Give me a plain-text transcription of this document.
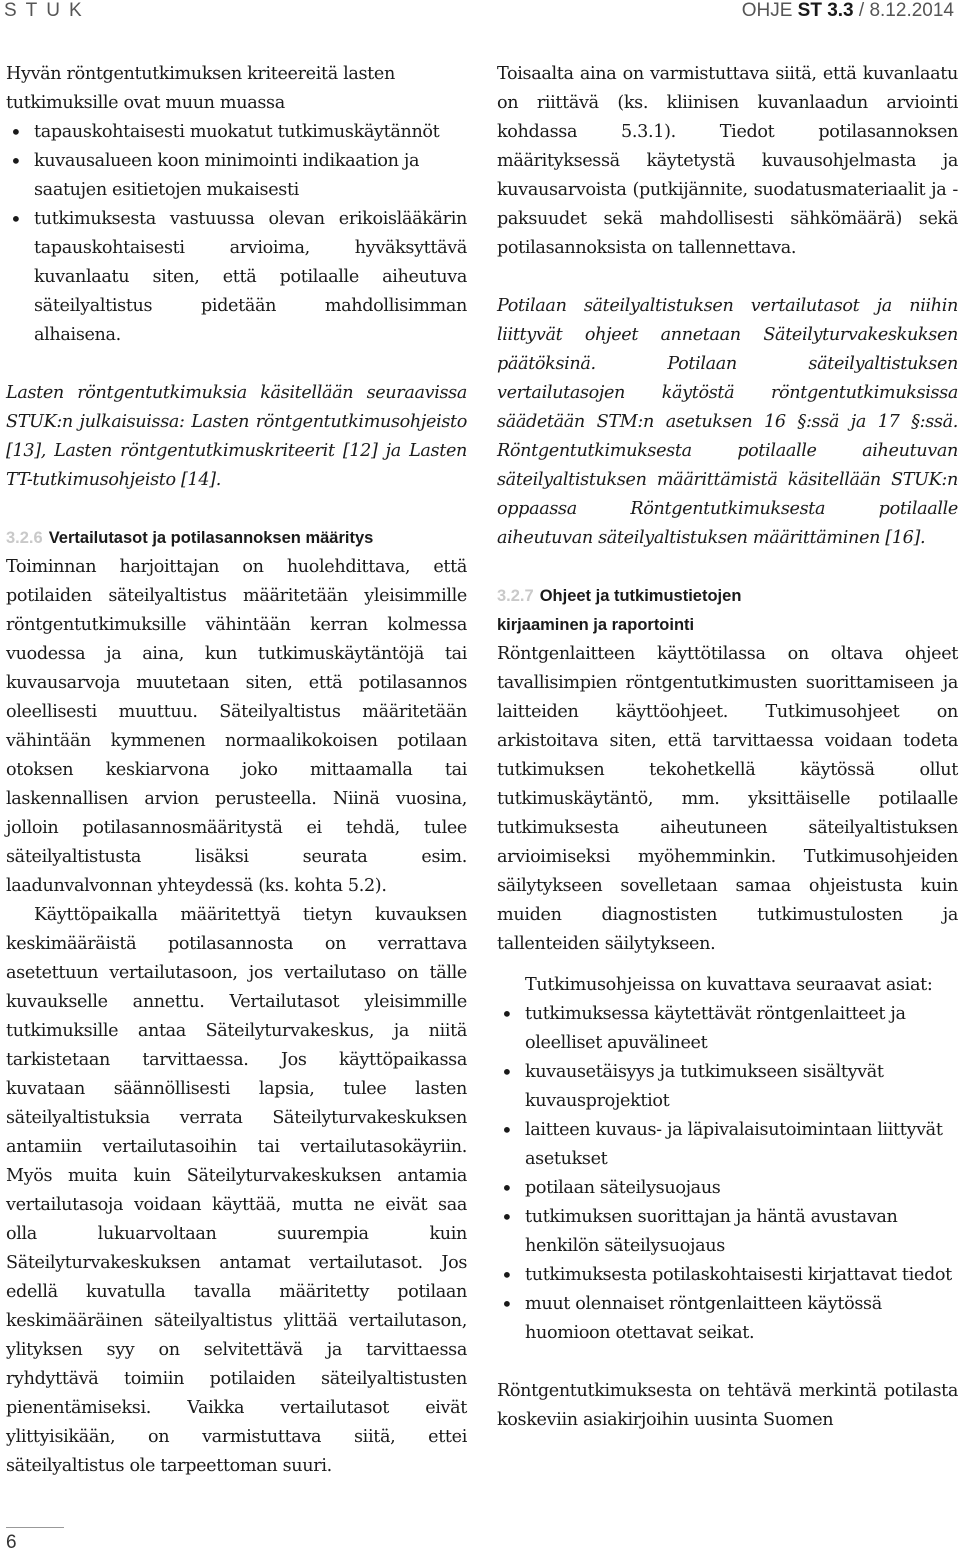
STUK	OHJE ST 3.3 / 8.12.2014

Hyvän röntgentutkimuksen kriteereitä lasten tutkimuksille ovat muun muassa

• tapauskohtaisesti muokatut tutkimuskäytännöt
• kuvausalueen koon minimointi indikaation ja saatujen esitietojen mukaisesti
• tutkimuksesta vastuussa olevan erikoislääkärin tapauskohtaisesti arvioima, hyväksyttävä kuvanlaatu siten, että potilaalle aiheutuva säteilyaltistus pidetään mahdollisimman alhaisena.

Lasten röntgentutkimuksia käsitellään seuraavissa STUK:n julkaisuissa: Lasten röntgentutkimusohjeisto [13], Lasten röntgentutkimuskriteerit [12] ja Lasten TT-tutkimusohjeisto [14].

3.2.6 Vertailutasot ja potilasannoksen määritys

Toiminnan harjoittajan on huolehdittava, että potilaiden säteilyaltistus määritetään yleisimmille röntgentutkimuksille vähintään kerran kolmessa vuodessa ja aina, kun tutkimuskäytäntöjä tai kuvausarvoja muutetaan siten, että potilasannos oleellisesti muuttuu. Säteilyaltistus määritetään vähintään kymmenen normaalikokoisen potilaan otoksen keskiarvona joko mittaamalla tai laskennallisen arvion perusteella. Niinä vuosina, jolloin potilasannosmääritystä ei tehdä, tulee säteilyaltistusta lisäksi seurata esim. laadunvalvonnan yhteydessä (ks. kohta 5.2).

Käyttöpaikalla määritettyä tietyn kuvauksen keskimääräistä potilasannosta on verrattava asetettuun vertailutasoon, jos vertailutaso on tälle kuvaukselle annettu. Vertailutasot yleisimmille tutkimuksille antaa Säteilyturvakeskus, ja niitä tarkistetaan tarvittaessa. Jos käyttöpaikassa kuvataan säännöllisesti lapsia, tulee lasten säteilyaltistuksia verrata Säteilyturvakeskuksen antamiin vertailutasoihin tai vertailutasokäyriin. Myös muita kuin Säteilyturvakeskuksen antamia vertailutasoja voidaan käyttää, mutta ne eivät saa olla lukuarvoltaan suurempia kuin Säteilyturvakeskuksen antamat vertailutasot. Jos edellä kuvatulla tavalla määritetty potilaan keskimääräinen säteilyaltistus ylittää vertailutason, ylityksen syy on selvitettävä ja tarvittaessa ryhdyttävä toimiin potilaiden säteilyaltistusten pienentämiseksi. Vaikka vertailutasot eivät ylittyisikään, on varmistuttava siitä, ettei säteilyaltistus ole tarpeettoman suuri.

Toisaalta aina on varmistuttava siitä, että kuvanlaatu on riittävä (ks. kliinisen kuvanlaadun arviointi kohdassa 5.3.1). Tiedot potilasannoksen määrityksessä käytetystä kuvausohjelmasta ja kuvausarvoista (putkijännite, suodatusmateriaalit ja -paksuudet sekä mahdollisesti sähkömäärä) sekä potilasannoksista on tallennettava.

Potilaan säteilyaltistuksen vertailutasot ja niihin liittyvät ohjeet annetaan Säteilyturvakeskuksen päätöksinä. Potilaan säteilyaltistuksen vertailutasojen käytöstä röntgentutkimuksissa säädetään STM:n asetuksen 16 §:ssä ja 17 §:ssä. Röntgentutkimuksesta potilaalle aiheutuvan säteilyaltistuksen määrittämistä käsitellään STUK:n oppaassa Röntgentutkimuksesta potilaalle aiheutuvan säteilyaltistuksen määrittäminen [16].

3.2.7 Ohjeet ja tutkimustietojen

kirjaaminen ja raportointi

Röntgenlaitteen käyttötilassa on oltava ohjeet tavallisimpien röntgentutkimusten suorittamiseen ja laitteiden käyttöohjeet. Tutkimusohjeet on arkistoitava siten, että tarvittaessa voidaan todeta tutkimuksen tekohetkellä käytössä ollut tutkimuskäytäntö, mm. yksittäiselle potilaalle tutkimuksesta aiheutuneen säteilyaltistuksen arvioimiseksi myöhemminkin. Tutkimusohjeiden säilytykseen sovelletaan samaa ohjeistusta kuin muiden diagnostisten tutkimustulosten ja tallenteiden säilytykseen.

Tutkimusohjeissa on kuvattava seuraavat asiat:

• tutkimuksessa käytettävät röntgenlaitteet ja oleelliset apuvälineet
• kuvausetäisyys ja tutkimukseen sisältyvät kuvausprojektiot
• laitteen kuvaus- ja läpivalaisutoimintaan liittyvät asetukset
• potilaan säteilysuojaus
• tutkimuksen suorittajan ja häntä avustavan henkilön säteilysuojaus
• tutkimuksesta potilaskohtaisesti kirjattavat tiedot
• muut olennaiset röntgenlaitteen käytössä huomioon otettavat seikat.

Röntgentutkimuksesta on tehtävä merkintä potilasta koskeviin asiakirjoihin uusinta Suomen

6
